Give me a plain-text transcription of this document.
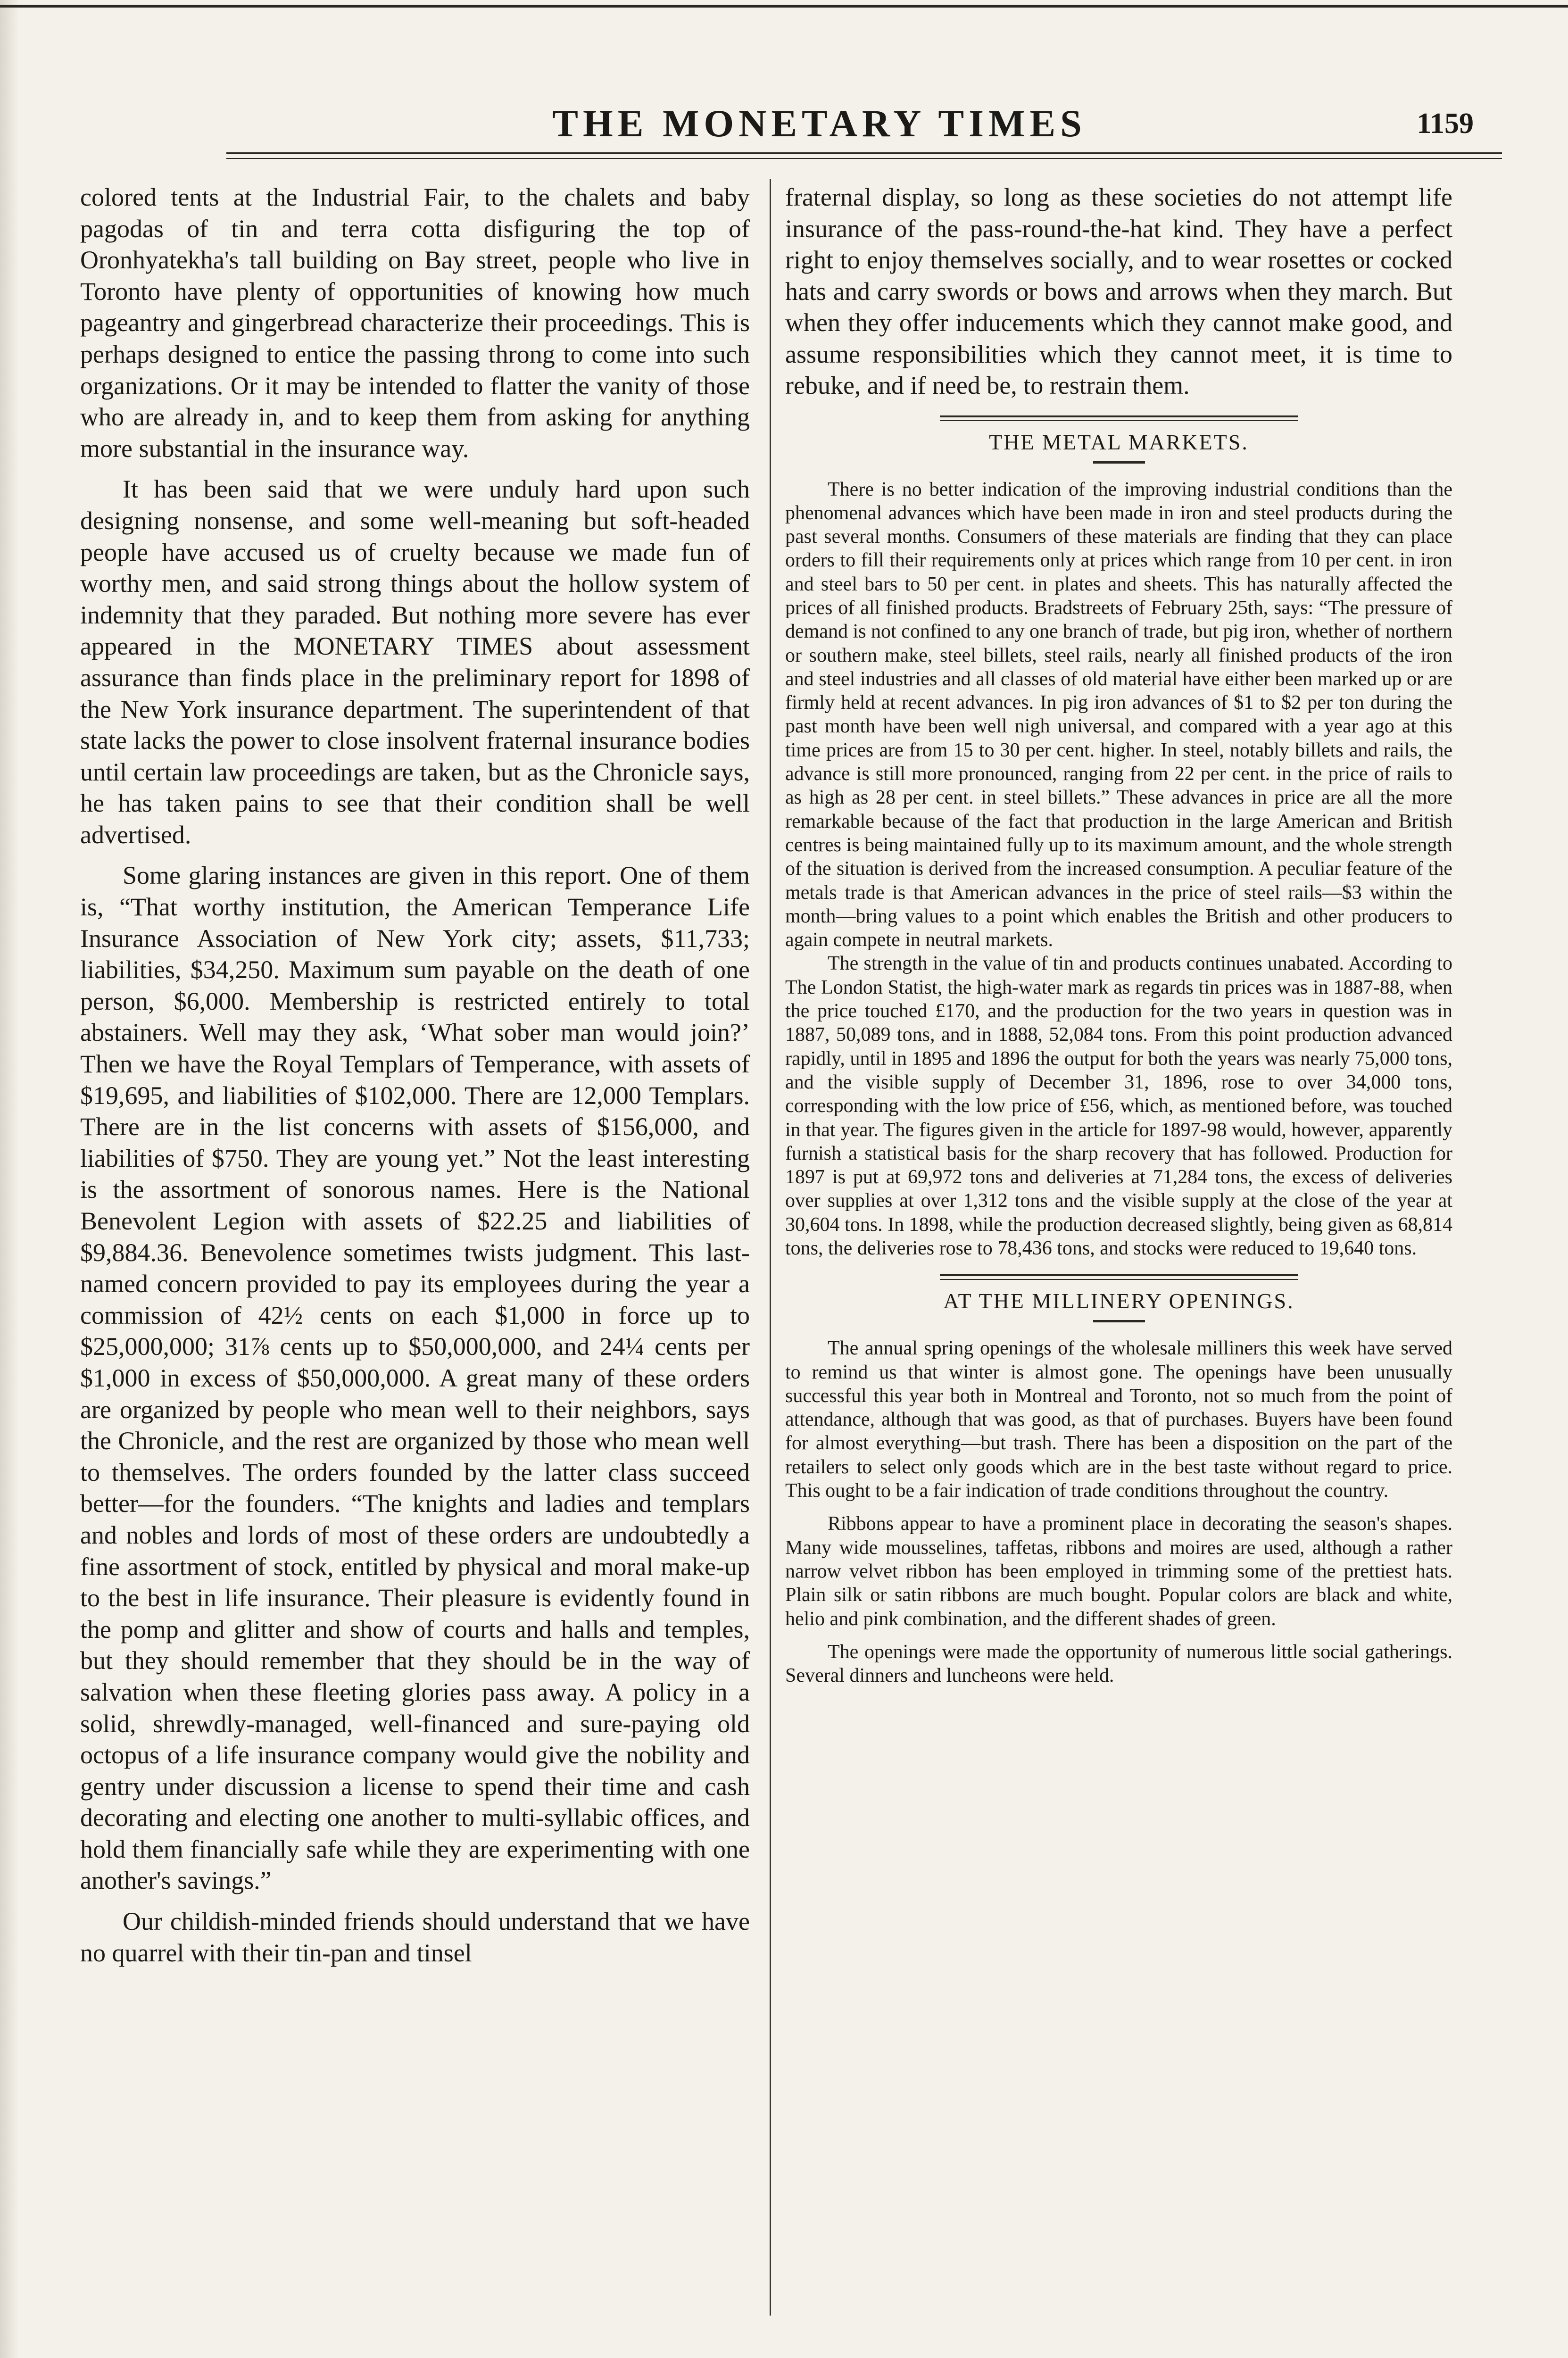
THE MONETARY TIMES	1159

colored tents at the Industrial Fair, to the chalets and baby pagodas of tin and terra cotta disfiguring the top of Oronhyatekha's tall building on Bay street, people who live in Toronto have plenty of opportunities of knowing how much pageantry and gingerbread characterize their proceedings. This is perhaps designed to entice the passing throng to come into such organizations. Or it may be intended to flatter the vanity of those who are already in, and to keep them from asking for anything more substantial in the insurance way.

It has been said that we were unduly hard upon such designing nonsense, and some well-meaning but soft-headed people have accused us of cruelty because we made fun of worthy men, and said strong things about the hollow system of indemnity that they paraded. But nothing more severe has ever appeared in the MONETARY TIMES about assessment assurance than finds place in the preliminary report for 1898 of the New York insurance department. The superintendent of that state lacks the power to close insolvent fraternal insurance bodies until certain law proceedings are taken, but as the Chronicle says, he has taken pains to see that their condition shall be well advertised.

Some glaring instances are given in this report. One of them is, “That worthy institution, the American Temperance Life Insurance Association of New York city; assets, $11,733; liabilities, $34,250. Maximum sum payable on the death of one person, $6,000. Membership is restricted entirely to total abstainers. Well may they ask, ‘What sober man would join?’ Then we have the Royal Templars of Temperance, with assets of $19,695, and liabilities of $102,000. There are 12,000 Templars. There are in the list concerns with assets of $156,000, and liabilities of $750. They are young yet.” Not the least interesting is the assortment of sonorous names. Here is the National Benevolent Legion with assets of $22.25 and liabilities of $9,884.36. Benevolence sometimes twists judgment. This last-named concern provided to pay its employees during the year a commission of 42½ cents on each $1,000 in force up to $25,000,000; 31⅞ cents up to $50,000,000, and 24¼ cents per $1,000 in excess of $50,000,000. A great many of these orders are organized by people who mean well to their neighbors, says the Chronicle, and the rest are organized by those who mean well to themselves. The orders founded by the latter class succeed better—for the founders. “The knights and ladies and templars and nobles and lords of most of these orders are undoubtedly a fine assortment of stock, entitled by physical and moral make-up to the best in life insurance. Their pleasure is evidently found in the pomp and glitter and show of courts and halls and temples, but they should remember that they should be in the way of salvation when these fleeting glories pass away. A policy in a solid, shrewdly-managed, well-financed and sure-paying old octopus of a life insurance company would give the nobility and gentry under discussion a license to spend their time and cash decorating and electing one another to multi-syllabic offices, and hold them financially safe while they are experimenting with one another's savings.”

Our childish-minded friends should understand that we have no quarrel with their tin-pan and tinsel

fraternal display, so long as these societies do not attempt life insurance of the pass-round-the-hat kind. They have a perfect right to enjoy themselves socially, and to wear rosettes or cocked hats and carry swords or bows and arrows when they march. But when they offer inducements which they cannot make good, and assume responsibilities which they cannot meet, it is time to rebuke, and if need be, to restrain them.

THE METAL MARKETS.

There is no better indication of the improving industrial conditions than the phenomenal advances which have been made in iron and steel products during the past several months. Consumers of these materials are finding that they can place orders to fill their requirements only at prices which range from 10 per cent. in iron and steel bars to 50 per cent. in plates and sheets. This has naturally affected the prices of all finished products. Bradstreets of February 25th, says: “The pressure of demand is not confined to any one branch of trade, but pig iron, whether of northern or southern make, steel billets, steel rails, nearly all finished products of the iron and steel industries and all classes of old material have either been marked up or are firmly held at recent advances. In pig iron advances of $1 to $2 per ton during the past month have been well nigh universal, and compared with a year ago at this time prices are from 15 to 30 per cent. higher. In steel, notably billets and rails, the advance is still more pronounced, ranging from 22 per cent. in the price of rails to as high as 28 per cent. in steel billets.” These advances in price are all the more remarkable because of the fact that production in the large American and British centres is being maintained fully up to its maximum amount, and the whole strength of the situation is derived from the increased consumption. A peculiar feature of the metals trade is that American advances in the price of steel rails—$3 within the month—bring values to a point which enables the British and other producers to again compete in neutral markets.

The strength in the value of tin and products continues unabated. According to The London Statist, the high-water mark as regards tin prices was in 1887-88, when the price touched £170, and the production for the two years in question was in 1887, 50,089 tons, and in 1888, 52,084 tons. From this point production advanced rapidly, until in 1895 and 1896 the output for both the years was nearly 75,000 tons, and the visible supply of December 31, 1896, rose to over 34,000 tons, corresponding with the low price of £56, which, as mentioned before, was touched in that year. The figures given in the article for 1897-98 would, however, apparently furnish a statistical basis for the sharp recovery that has followed. Production for 1897 is put at 69,972 tons and deliveries at 71,284 tons, the excess of deliveries over supplies at over 1,312 tons and the visible supply at the close of the year at 30,604 tons. In 1898, while the production decreased slightly, being given as 68,814 tons, the deliveries rose to 78,436 tons, and stocks were reduced to 19,640 tons.

AT THE MILLINERY OPENINGS.

The annual spring openings of the wholesale milliners this week have served to remind us that winter is almost gone. The openings have been unusually successful this year both in Montreal and Toronto, not so much from the point of attendance, although that was good, as that of purchases. Buyers have been found for almost everything—but trash. There has been a disposition on the part of the retailers to select only goods which are in the best taste without regard to price. This ought to be a fair indication of trade conditions throughout the country.

Ribbons appear to have a prominent place in decorating the season's shapes. Many wide mousselines, taffetas, ribbons and moires are used, although a rather narrow velvet ribbon has been employed in trimming some of the prettiest hats. Plain silk or satin ribbons are much bought. Popular colors are black and white, helio and pink combination, and the different shades of green.

The openings were made the opportunity of numerous little social gatherings. Several dinners and luncheons were held.
